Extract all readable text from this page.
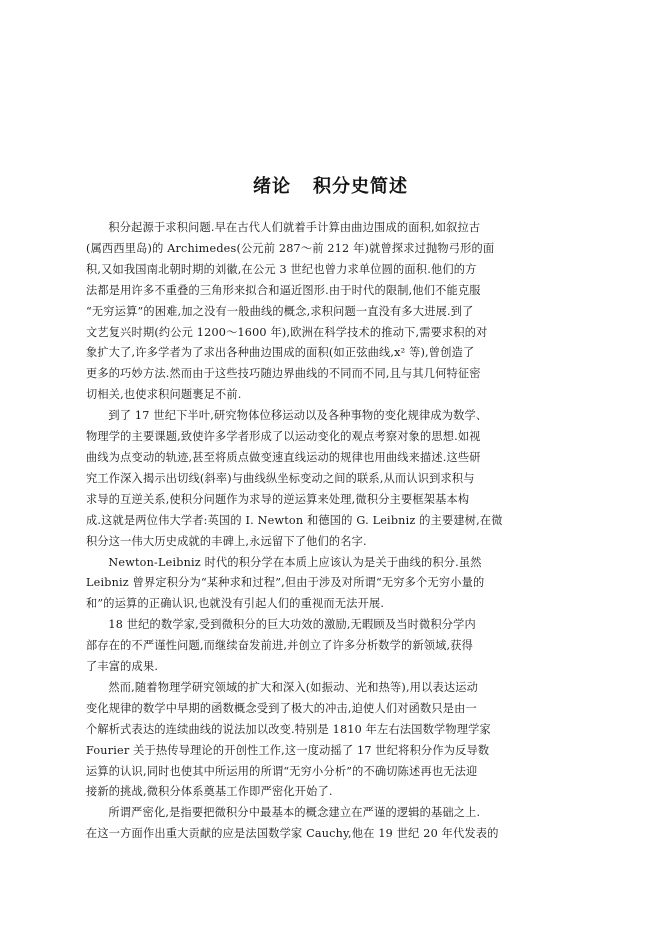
绪论 积分史简述
积分起源于求积问题.早在古代人们就着手计算由曲边围成的面积,如叙拉古
(属西西里岛)的 Archimedes(公元前 287～前 212 年)就曾探求过抛物弓形的面
积,又如我国南北朝时期的刘徽,在公元 3 世纪也曾力求单位圆的面积.他们的方
法都是用许多不重叠的三角形来拟合和逼近图形.由于时代的限制,他们不能克服
“无穷运算”的困难,加之没有一般曲线的概念,求积问题一直没有多大进展.到了
文艺复兴时期(约公元 1200～1600 年),欧洲在科学技术的推动下,需要求积的对
象扩大了,许多学者为了求出各种曲边围成的面积(如正弦曲线,x² 等),曾创造了
更多的巧妙方法.然而由于这些技巧随边界曲线的不同而不同,且与其几何特征密
切相关,也使求积问题裹足不前.
到了 17 世纪下半叶,研究物体位移运动以及各种事物的变化规律成为数学、
物理学的主要课题,致使许多学者形成了以运动变化的观点考察对象的思想.如视
曲线为点变动的轨迹,甚至将质点做变速直线运动的规律也用曲线来描述.这些研
究工作深入揭示出切线(斜率)与曲线纵坐标变动之间的联系,从而认识到求积与
求导的互逆关系,使积分问题作为求导的逆运算来处理,微积分主要框架基本构
成.这就是两位伟大学者:英国的 I. Newton 和德国的 G. Leibniz 的主要建树,在微
积分这一伟大历史成就的丰碑上,永远留下了他们的名字.
Newton-Leibniz 时代的积分学在本质上应该认为是关于曲线的积分.虽然
Leibniz 曾界定积分为“某种求和过程”,但由于涉及对所谓“无穷多个无穷小量的
和”的运算的正确认识,也就没有引起人们的重视而无法开展.
18 世纪的数学家,受到微积分的巨大功效的激励,无暇顾及当时微积分学内
部存在的不严谨性问题,而继续奋发前进,并创立了许多分析数学的新领域,获得
了丰富的成果.
然而,随着物理学研究领域的扩大和深入(如振动、光和热等),用以表达运动
变化规律的数学中早期的函数概念受到了极大的冲击,迫使人们对函数只是由一
个解析式表达的连续曲线的说法加以改变.特别是 1810 年左右法国数学物理学家
Fourier 关于热传导理论的开创性工作,这一度动摇了 17 世纪将积分作为反导数
运算的认识,同时也使其中所运用的所谓“无穷小分析”的不确切陈述再也无法迎
接新的挑战,微积分体系奠基工作即严密化开始了.
所谓严密化,是指要把微积分中最基本的概念建立在严谨的逻辑的基础之上.
在这一方面作出重大贡献的应是法国数学家 Cauchy,他在 19 世纪 20 年代发表的
